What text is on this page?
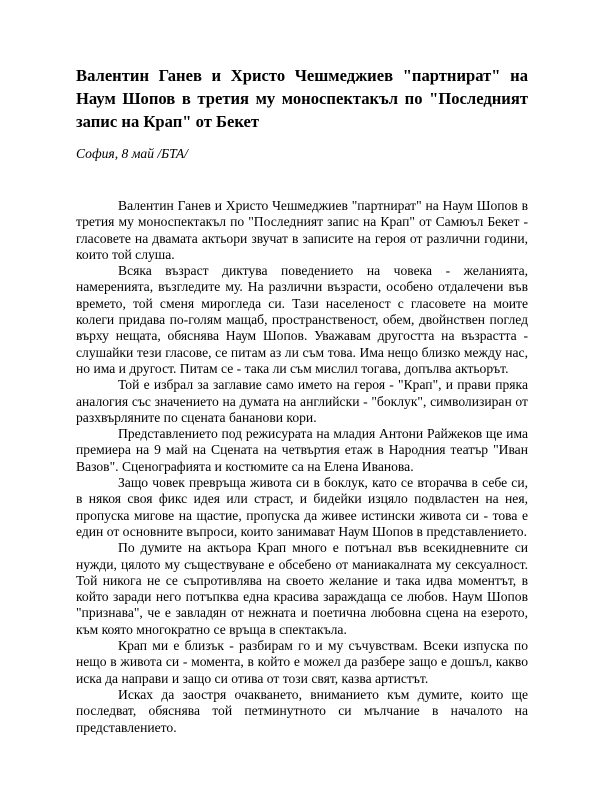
Валентин Ганев и Христо Чешмеджиев "партнират" на Наум Шопов в третия му моноспектакъл по "Последният запис на Крап" от Бекет

София, 8 май /БТА/

Валентин Ганев и Христо Чешмеджиев "партнират" на Наум Шопов в третия му моноспектакъл по "Последният запис на Крап" от Самюъл Бекет - гласовете на двамата актьори звучат в записите на героя от различни години, които той слуша.

Всяка възраст диктува поведението на човека - желанията, намеренията, възгледите му. На различни възрасти, особено отдалечени във времето, той сменя мирогледа си. Тази населеност с гласовете на моите колеги придава по-голям мащаб, пространственост, обем, двойнствен поглед върху нещата, обяснява Наум Шопов. Уважавам другостта на възрастта - слушайки тези гласове, се питам аз ли съм това. Има нещо близко между нас, но има и другост. Питам се - така ли съм мислил тогава, допълва актьорът.

Той е избрал за заглавие само името на героя - "Крап", и прави пряка аналогия със значението на думата на английски - "боклук", символизиран от разхвърляните по сцената бананови кори.

Представлението под режисурата на младия Антони Райжеков ще има премиера на 9 май на Сцената на четвъртия етаж в Народния театър "Иван Вазов". Сценографията и костюмите са на Елена Иванова.

Защо човек превръща живота си в боклук, като се вторачва в себе си, в някоя своя фикс идея или страст, и бидейки изцяло подвластен на нея, пропуска мигове на щастие, пропуска да живее истински живота си - това е един от основните въпроси, които занимават Наум Шопов в представлението.

По думите на актьора Крап много е потънал във всекидневните си нужди, цялото му съществуване е обсебено от маниакалната му сексуалност. Той никога не се съпротивлява на своето желание и така идва моментът, в който заради него потъпква една красива зараждаща се любов. Наум Шопов "признава", че е завладян от нежната и поетична любовна сцена на езерото, към която многократно се връща в спектакъла.

Крап ми е близък - разбирам го и му съчувствам. Всеки изпуска по нещо в живота си - момента, в който е можел да разбере защо е дошъл, какво иска да направи и защо си отива от този свят, казва артистът.

Исках да заостря очакването, вниманието към думите, които ще последват, обяснява той петминутното си мълчание в началото на представлението.
